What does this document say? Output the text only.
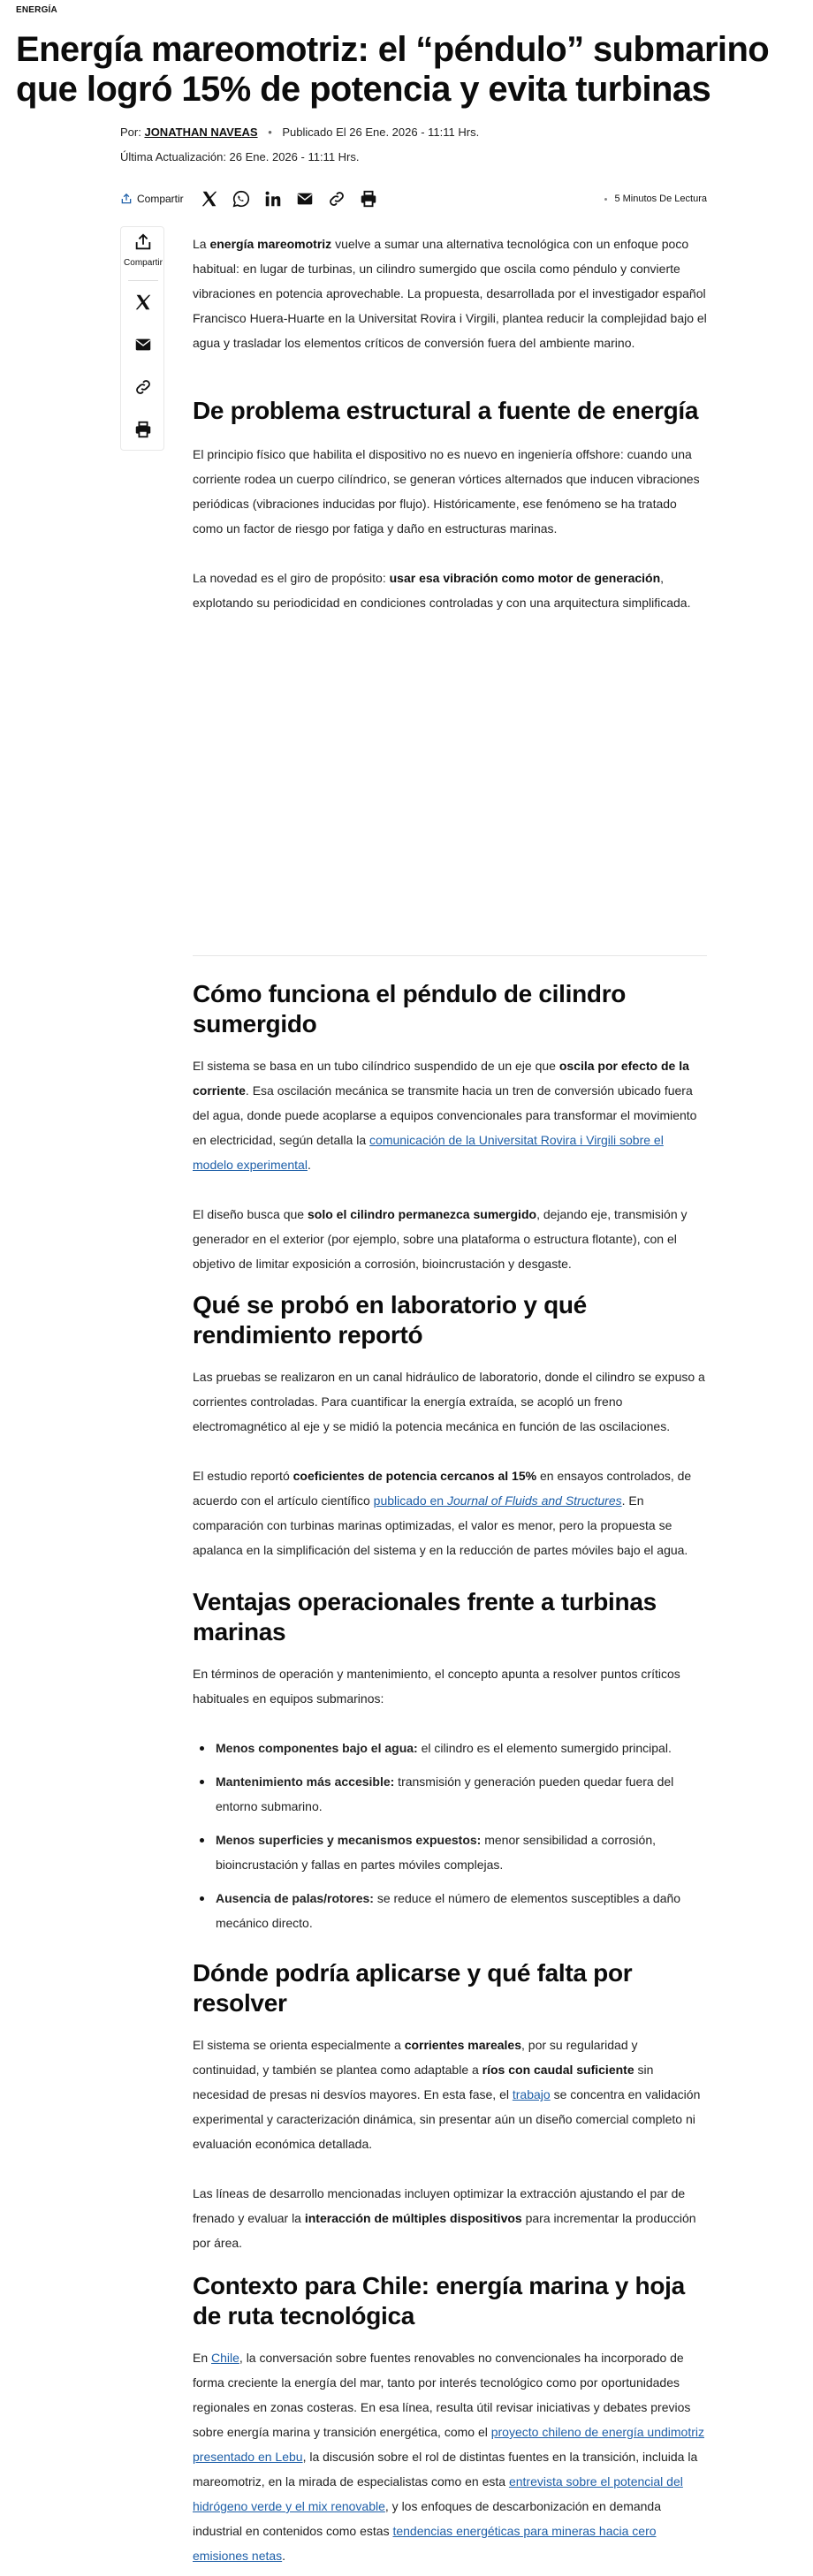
ENERGÍA
Energía mareomotriz: el “péndulo” submarino que logró 15% de potencia y evita turbinas
Por: JONATHAN NAVEAS • Publicado El 26 Ene. 2026 - 11:11 Hrs.
Última Actualización: 26 Ene. 2026 - 11:11 Hrs.
Compartir	5 Minutos De Lectura
Compartir

La energía mareomotriz vuelve a sumar una alternativa tecnológica con un enfoque poco habitual: en lugar de turbinas, un cilindro sumergido que oscila como péndulo y convierte vibraciones en potencia aprovechable. La propuesta, desarrollada por el investigador español Francisco Huera-Huarte en la Universitat Rovira i Virgili, plantea reducir la complejidad bajo el agua y trasladar los elementos críticos de conversión fuera del ambiente marino.

De problema estructural a fuente de energía

El principio físico que habilita el dispositivo no es nuevo en ingeniería offshore: cuando una corriente rodea un cuerpo cilíndrico, se generan vórtices alternados que inducen vibraciones periódicas (vibraciones inducidas por flujo). Históricamente, ese fenómeno se ha tratado como un factor de riesgo por fatiga y daño en estructuras marinas.

La novedad es el giro de propósito: usar esa vibración como motor de generación, explotando su periodicidad en condiciones controladas y con una arquitectura simplificada.

Cómo funciona el péndulo de cilindro sumergido

El sistema se basa en un tubo cilíndrico suspendido de un eje que oscila por efecto de la corriente. Esa oscilación mecánica se transmite hacia un tren de conversión ubicado fuera del agua, donde puede acoplarse a equipos convencionales para transformar el movimiento en electricidad, según detalla la comunicación de la Universitat Rovira i Virgili sobre el modelo experimental.

El diseño busca que solo el cilindro permanezca sumergido, dejando eje, transmisión y generador en el exterior (por ejemplo, sobre una plataforma o estructura flotante), con el objetivo de limitar exposición a corrosión, bioincrustación y desgaste.

Qué se probó en laboratorio y qué rendimiento reportó

Las pruebas se realizaron en un canal hidráulico de laboratorio, donde el cilindro se expuso a corrientes controladas. Para cuantificar la energía extraída, se acopló un freno electromagnético al eje y se midió la potencia mecánica en función de las oscilaciones.

El estudio reportó coeficientes de potencia cercanos al 15% en ensayos controlados, de acuerdo con el artículo científico publicado en Journal of Fluids and Structures. En comparación con turbinas marinas optimizadas, el valor es menor, pero la propuesta se apalanca en la simplificación del sistema y en la reducción de partes móviles bajo el agua.

Ventajas operacionales frente a turbinas marinas

En términos de operación y mantenimiento, el concepto apunta a resolver puntos críticos habituales en equipos submarinos:

Menos componentes bajo el agua: el cilindro es el elemento sumergido principal.
Mantenimiento más accesible: transmisión y generación pueden quedar fuera del entorno submarino.
Menos superficies y mecanismos expuestos: menor sensibilidad a corrosión, bioincrustación y fallas en partes móviles complejas.
Ausencia de palas/rotores: se reduce el número de elementos susceptibles a daño mecánico directo.
Dónde podría aplicarse y qué falta por resolver

El sistema se orienta especialmente a corrientes mareales, por su regularidad y continuidad, y también se plantea como adaptable a ríos con caudal suficiente sin necesidad de presas ni desvíos mayores. En esta fase, el trabajo se concentra en validación experimental y caracterización dinámica, sin presentar aún un diseño comercial completo ni evaluación económica detallada.

Las líneas de desarrollo mencionadas incluyen optimizar la extracción ajustando el par de frenado y evaluar la interacción de múltiples dispositivos para incrementar la producción por área.

Contexto para Chile: energía marina y hoja de ruta tecnológica

En Chile, la conversación sobre fuentes renovables no convencionales ha incorporado de forma creciente la energía del mar, tanto por interés tecnológico como por oportunidades regionales en zonas costeras. En esa línea, resulta útil revisar iniciativas y debates previos sobre energía marina y transición energética, como el proyecto chileno de energía undimotriz presentado en Lebu, la discusión sobre el rol de distintas fuentes en la transición, incluida la mareomotriz, en la mirada de especialistas como en esta entrevista sobre el potencial del hidrógeno verde y el mix renovable, y los enfoques de descarbonización en demanda industrial en contenidos como estas tendencias energéticas para mineras hacia cero emisiones netas.
